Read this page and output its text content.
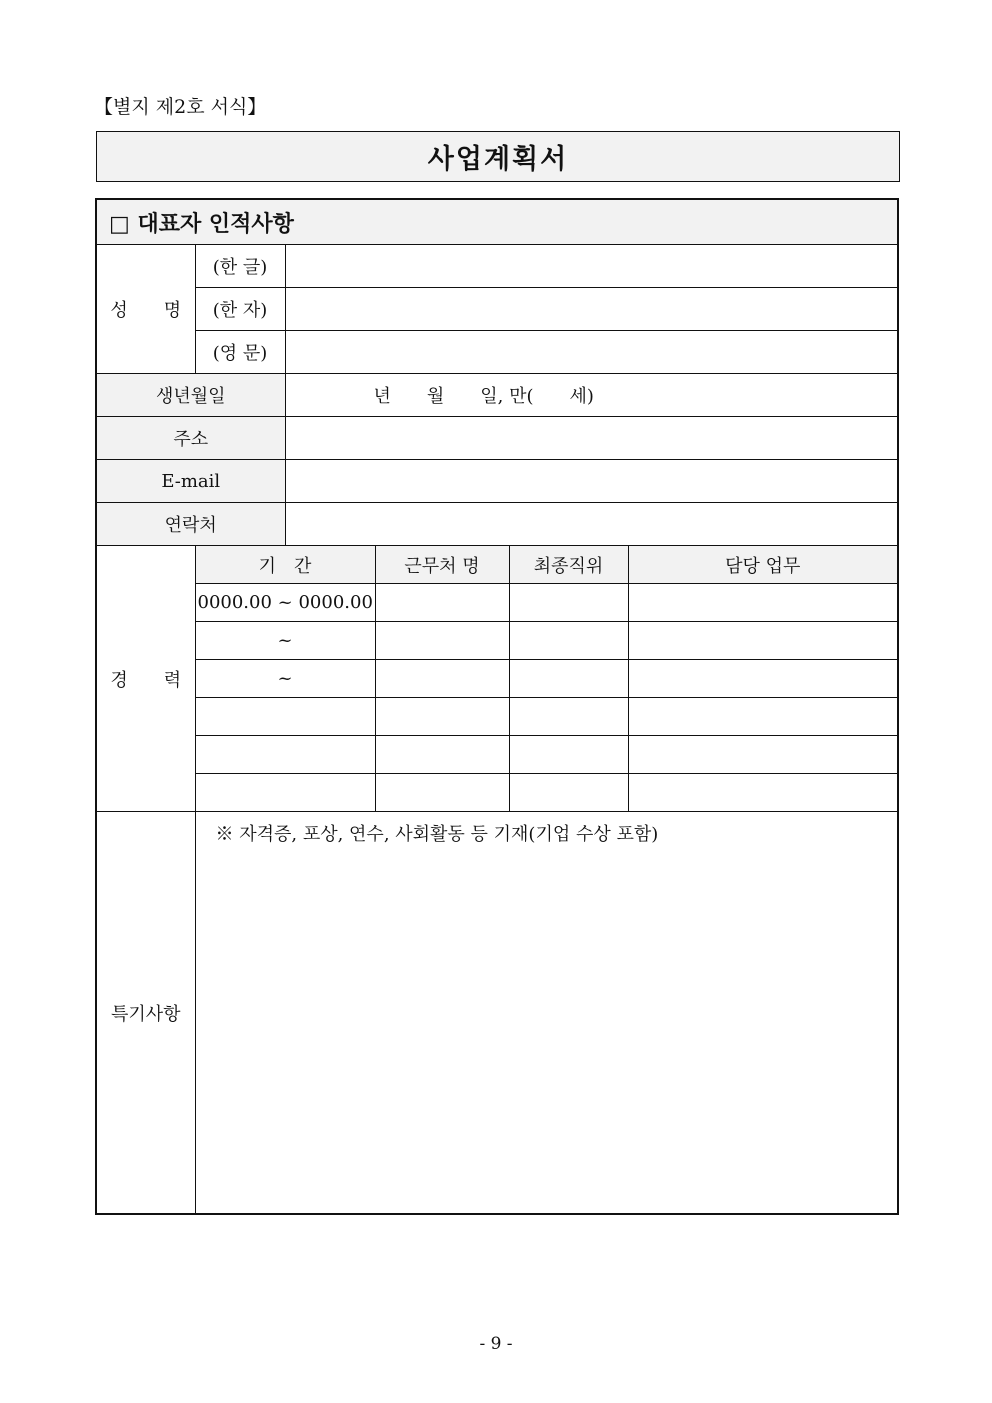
【별지 제2호 서식】
사업계획서
□ 대표자 인적사항					
성　　명	(한 글)				
	(한 자)				
	(영 문)				
생년월일		년　　월　　일, 만(　　세)			
주소					
E-mail					
연락처					
경　　력	기　간		근무처 명	최종직위	담당 업무
	0000.00 ~ 0000.00				
	~				
	~				

특기사항	※ 자격증, 포상, 연수, 사회활동 등 기재(기업 수상 포함)				
- 9 -
